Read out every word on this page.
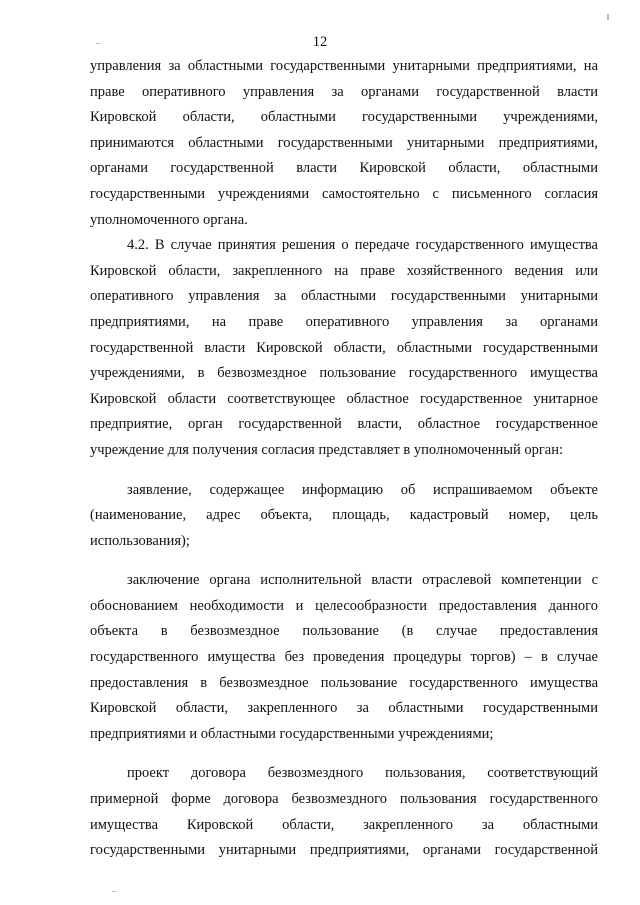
12
управления за областными государственными унитарными предприятиями, на
праве оперативного управления за органами государственной власти
Кировской области, областными государственными учреждениями,
принимаются областными государственными унитарными предприятиями,
органами государственной власти Кировской области, областными
государственными учреждениями самостоятельно с письменного согласия
уполномоченного органа.
4.2. В случае принятия решения о передаче государственного имущества
Кировской области, закрепленного на праве хозяйственного ведения или
оперативного управления за областными государственными унитарными
предприятиями, на праве оперативного управления за органами
государственной власти Кировской области, областными государственными
учреждениями, в безвозмездное пользование государственного имущества
Кировской области соответствующее областное государственное унитарное
предприятие, орган государственной власти, областное государственное
учреждение для получения согласия представляет в уполномоченный орган:
заявление, содержащее информацию об испрашиваемом объекте
(наименование, адрес объекта, площадь, кадастровый номер, цель
использования);
заключение органа исполнительной власти отраслевой компетенции с
обоснованием необходимости и целесообразности предоставления данного
объекта в безвозмездное пользование (в случае предоставления
государственного имущества без проведения процедуры торгов) – в случае
предоставления в безвозмездное пользование государственного имущества
Кировской области, закрепленного за областными государственными
предприятиями и областными государственными учреждениями;
проект договора безвозмездного пользования, соответствующий
примерной форме договора безвозмездного пользования государственного
имущества Кировской области, закрепленного за областными
государственными унитарными предприятиями, органами государственной
